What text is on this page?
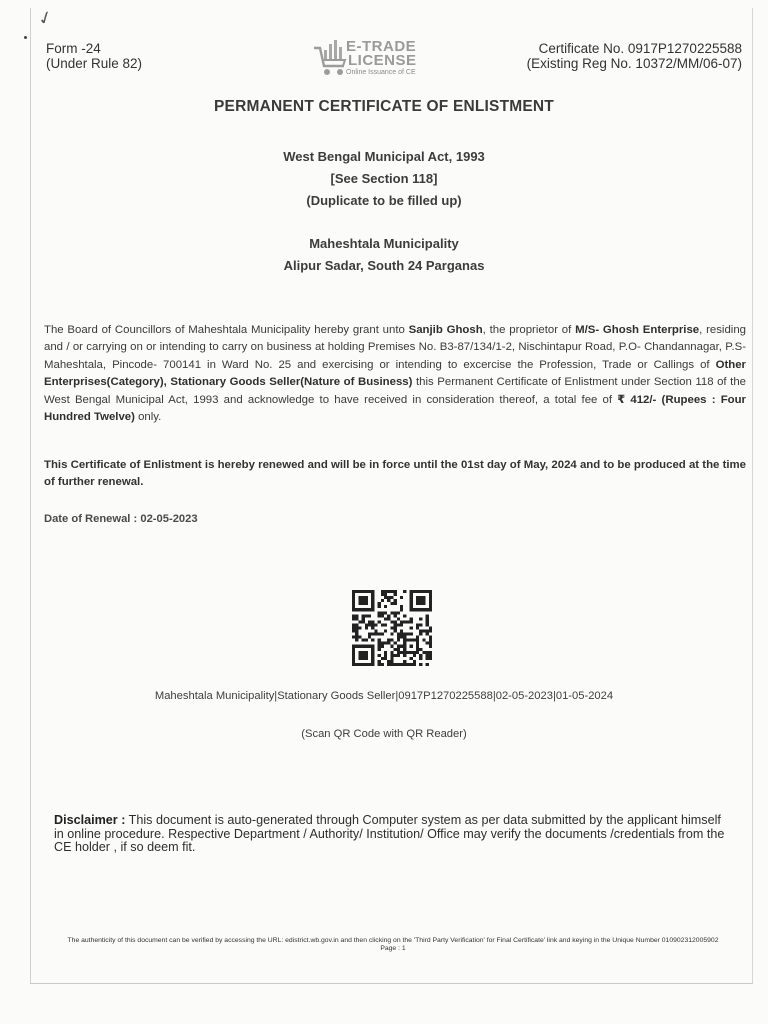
✓
Form -24
(Under Rule 82)
E-TRADE
LICENSE
Online Issuance of CE
Certificate No. 0917P1270225588
(Existing Reg No. 10372/MM/06-07)
PERMANENT CERTIFICATE OF ENLISTMENT
West Bengal Municipal Act, 1993
[See Section 118]
(Duplicate to be filled up)
Maheshtala Municipality
Alipur Sadar, South 24 Parganas
The Board of Councillors of Maheshtala Municipality hereby grant unto Sanjib Ghosh, the proprietor of M/S- Ghosh Enterprise, residing and / or carrying on or intending to carry on business at holding Premises No. B3-87/134/1-2, Nischintapur Road, P.O- Chandannagar, P.S- Maheshtala, Pincode- 700141 in Ward No. 25 and exercising or intending to excercise the Profession, Trade or Callings of Other Enterprises(Category), Stationary Goods Seller(Nature of Business) this Permanent Certificate of Enlistment under Section 118 of the West Bengal Municipal Act, 1993 and acknowledge to have received in consideration thereof, a total fee of ₹ 412/- (Rupees : Four Hundred Twelve) only.
This Certificate of Enlistment is hereby renewed and will be in force until the 01st day of May, 2024 and to be produced at the time of further renewal.
Date of Renewal : 02-05-2023
Maheshtala Municipality|Stationary Goods Seller|0917P1270225588|02-05-2023|01-05-2024
(Scan QR Code with QR Reader)
Disclaimer : This document is auto-generated through Computer system as per data submitted by the applicant himself in online procedure. Respective Department / Authority/ Institution/ Office may verify the documents /credentials from the CE holder , if so deem fit.
The authenticity of this document can be verified by accessing the URL: edistrict.wb.gov.in and then clicking on the 'Third Party Verification' for Final Certificate' link and keying in the Unique Number 010902312005902
Page : 1
